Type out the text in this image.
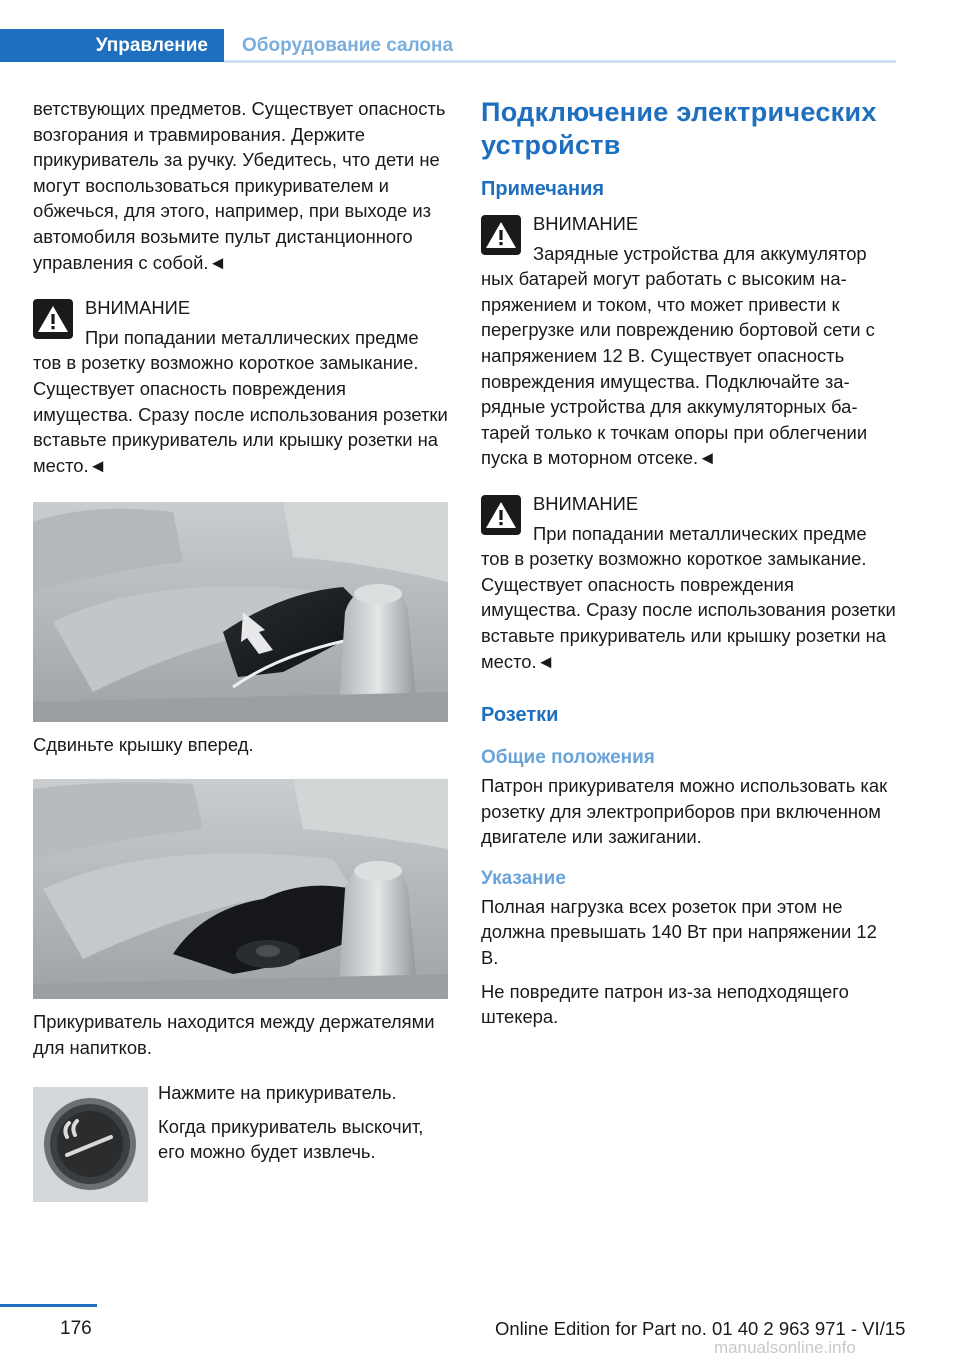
Управление Оборудование салона

ветствующих предметов. Существует опасность возгорания и травмирования. Держите прикуриватель за ручку. Убедитесь, что дети не могут воспользоваться прикуривателем и обжечься, для этого, например, при выходе из автомобиля возьмите пульт дистанционного управления с собой.◄

ВНИМАНИЕ
При попадании металлических предме
тов в розетку возможно короткое замыкание. Существует опасность повреждения имущества. Сразу после использования розетки вставьте прикуриватель или крышку розетки на место.◄
Сдвиньте крышку вперед.
Прикуриватель находится между держателями для напитков.
Нажмите на прикуриватель.
Когда прикуриватель выскочит, его можно будет извлечь.
Подключение электрических устройств
Примечания
ВНИМАНИЕ
Зарядные устройства для аккумулятор
ных батарей могут работать с высоким напряжением и током, что может привести к перегрузке или повреждению бортовой сети с напряжением 12 В. Существует опасность повреждения имущества. Подключайте зарядные устройства для аккумуляторных батарей только к точкам опоры при облегчении пуска в моторном отсеке.◄
ВНИМАНИЕ
При попадании металлических предме
тов в розетку возможно короткое замыкание. Существует опасность повреждения имущества. Сразу после использования розетки вставьте прикуриватель или крышку розетки на место.◄
Розетки
Общие положения

Патрон прикуривателя можно использовать как розетку для электроприборов при включенном двигателе или зажигании.

Указание

Полная нагрузка всех розеток при этом не должна превышать 140 Вт при напряжении 12 В.

Не повредите патрон из-за неподходящего штекера.

176	Online Edition for Part no. 01 40 2 963 971 - VI/15
manualsonline.info
